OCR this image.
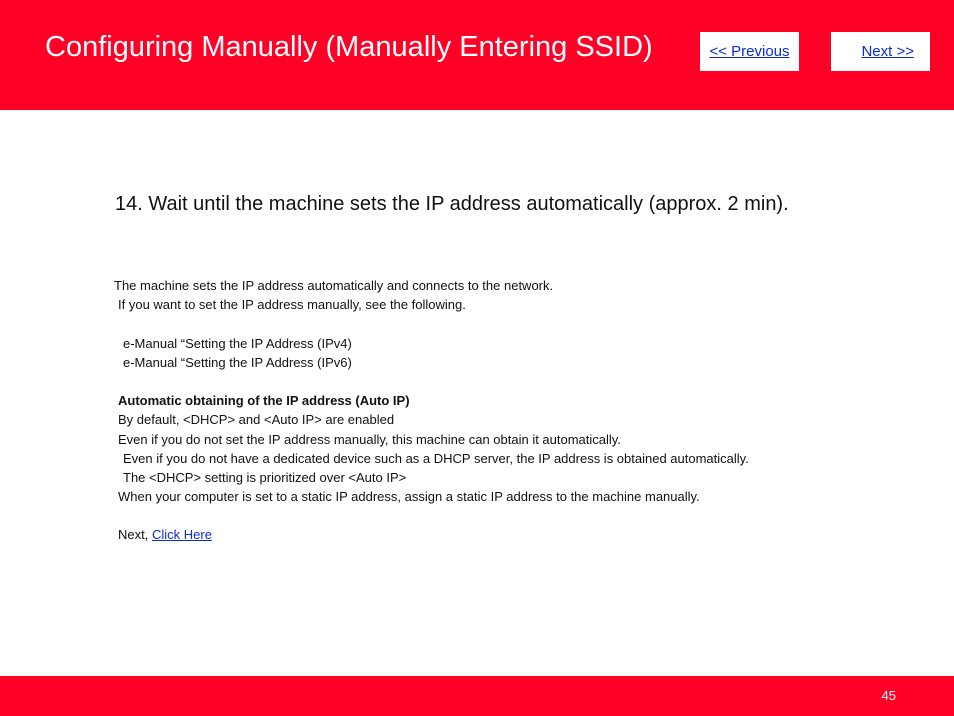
Configuring Manually (Manually Entering SSID)	<< Previous	Next >>
14. Wait until the machine sets the IP address automatically (approx. 2 min).
The machine sets the IP address automatically and connects to the network.
If you want to set the IP address manually, see the following.
e-Manual “Setting the IP Address (IPv4)
e-Manual “Setting the IP Address (IPv6)
Automatic obtaining of the IP address (Auto IP)
By default, <DHCP> and <Auto IP> are enabled
Even if you do not set the IP address manually, this machine can obtain it automatically.
Even if you do not have a dedicated device such as a DHCP server, the IP address is obtained automatically.
The <DHCP> setting is prioritized over <Auto IP>
When your computer is set to a static IP address, assign a static IP address to the machine manually.
Next, Click Here
45
